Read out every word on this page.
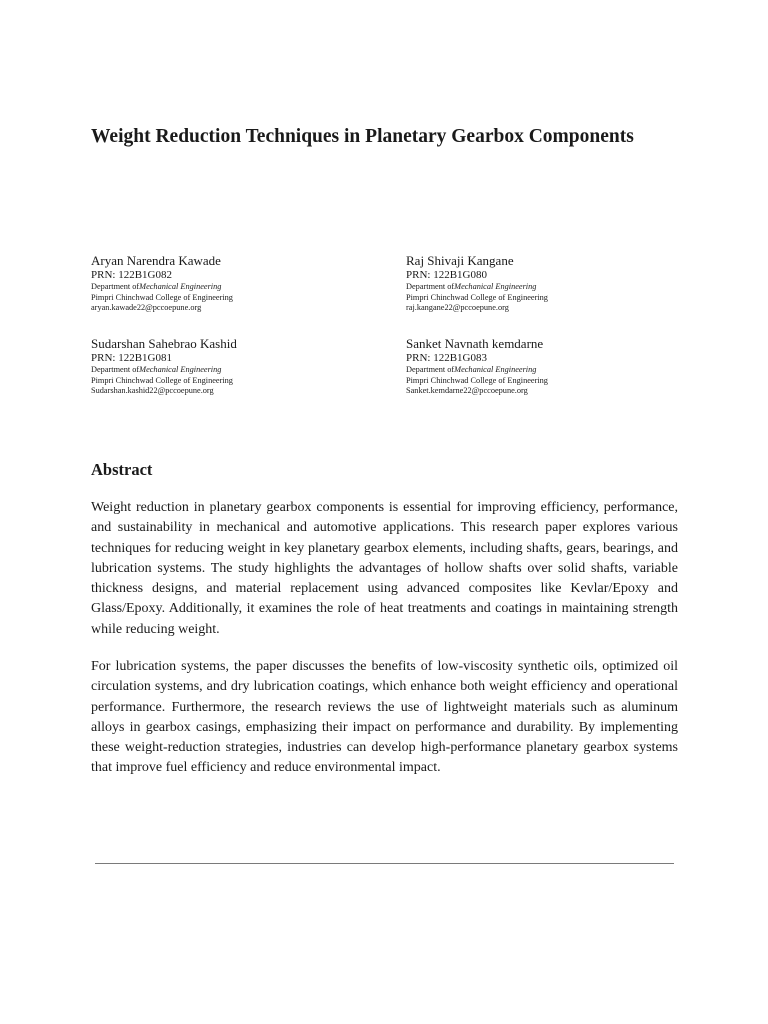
Weight Reduction Techniques in Planetary Gearbox Components
Aryan Narendra Kawade
PRN: 122B1G082
Department ofMechanical Engineering
Pimpri Chinchwad College of Engineering
aryan.kawade22@pccoepune.org
Raj Shivaji Kangane
PRN: 122B1G080
Department ofMechanical Engineering
Pimpri Chinchwad College of Engineering
raj.kangane22@pccoepune.org
Sudarshan Sahebrao Kashid
PRN: 122B1G081
Department ofMechanical Engineering
Pimpri Chinchwad College of Engineering
Sudarshan.kashid22@pccoepune.org
Sanket Navnath kemdarne
PRN: 122B1G083
Department ofMechanical Engineering
Pimpri Chinchwad College of Engineering
Sanket.kemdarne22@pccoepune.org
Abstract

Weight reduction in planetary gearbox components is essential for improving efficiency, performance, and sustainability in mechanical and automotive applications. This research paper explores various techniques for reducing weight in key planetary gearbox elements, including shafts, gears, bearings, and lubrication systems. The study highlights the advantages of hollow shafts over solid shafts, variable thickness designs, and material replacement using advanced composites like Kevlar/Epoxy and Glass/Epoxy. Additionally, it examines the role of heat treatments and coatings in maintaining strength while reducing weight.

For lubrication systems, the paper discusses the benefits of low-viscosity synthetic oils, optimized oil circulation systems, and dry lubrication coatings, which enhance both weight efficiency and operational performance. Furthermore, the research reviews the use of lightweight materials such as aluminum alloys in gearbox casings, emphasizing their impact on performance and durability. By implementing these weight-reduction strategies, industries can develop high-performance planetary gearbox systems that improve fuel efficiency and reduce environmental impact.
